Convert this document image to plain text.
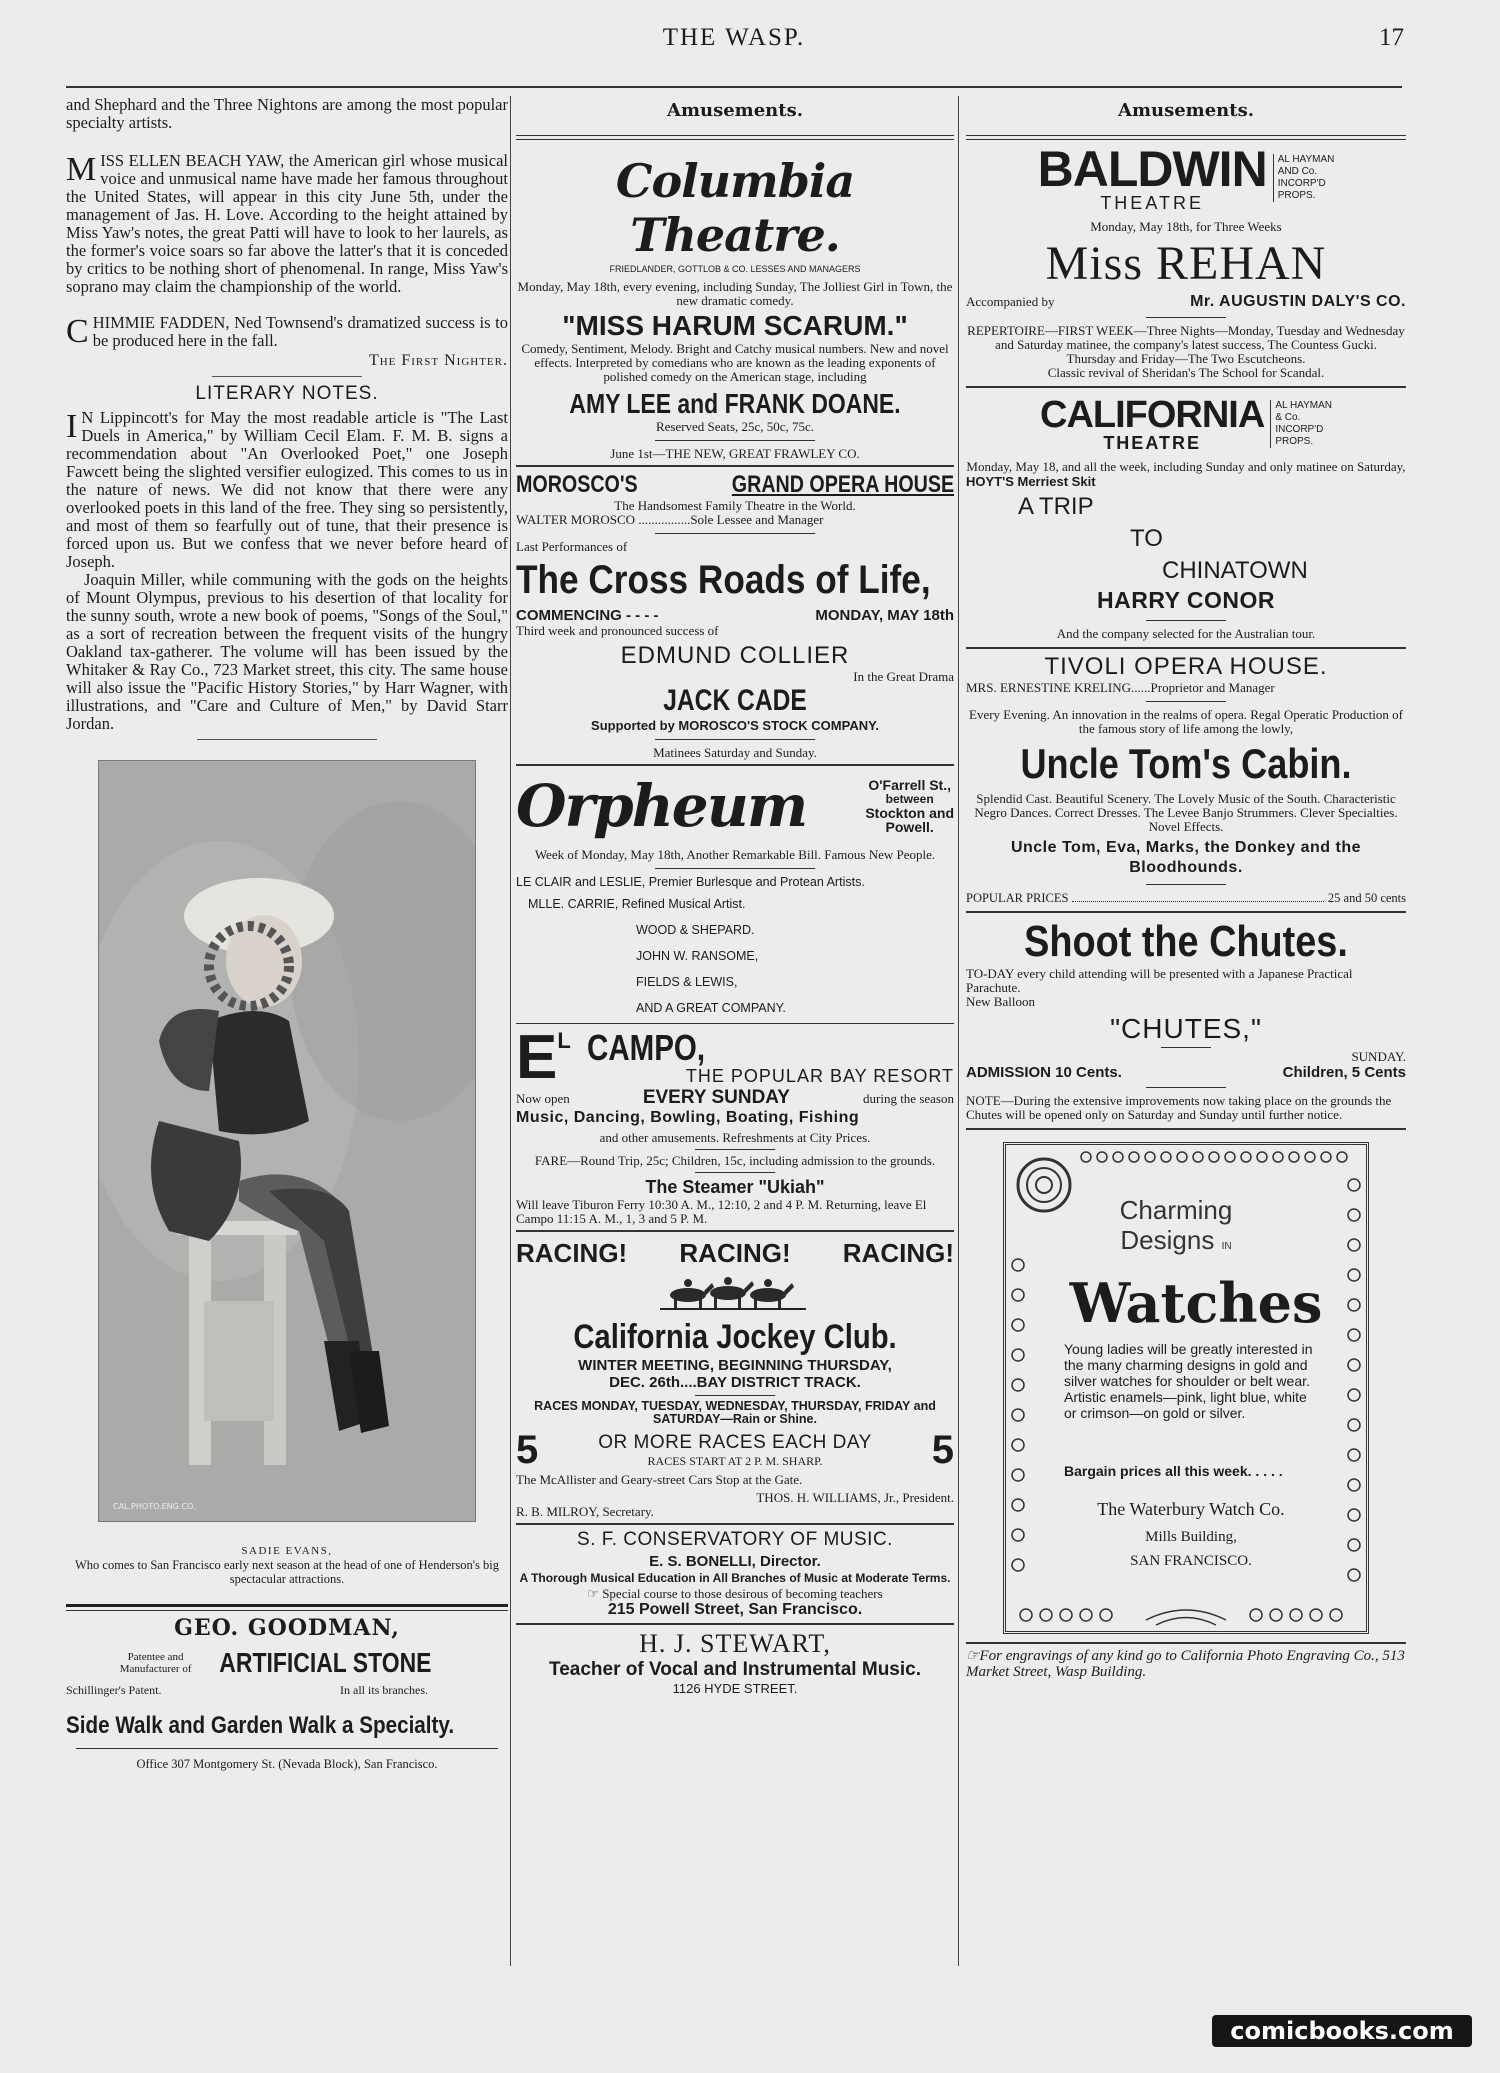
THE WASP.	17

and Shephard and the Three Nightons are among the most popular specialty artists.

MISS ELLEN BEACH YAW, the American girl whose musical voice and unmusical name have made her famous throughout the United States, will appear in this city June 5th, under the management of Jas. H. Love. According to the height attained by Miss Yaw's notes, the great Patti will have to look to her laurels, as the former's voice soars so far above the latter's that it is conceded by critics to be nothing short of phenomenal. In range, Miss Yaw's soprano may claim the championship of the world.

CHIMMIE FADDEN, Ned Townsend's dramatized success is to be produced here in the fall.

The First Nighter.
LITERARY NOTES.

I N Lippincott's for May the most readable article is "The Last Duels in America," by William Cecil Elam. F. M. B. signs a recommendation about "An Overlooked Poet," one Joseph Fawcett being the slighted versifier eulogized. This comes to us in the nature of news. We did not know that there were any overlooked poets in this land of the free. They sing so persistently, and most of them so fearfully out of tune, that their presence is forced upon us. But we confess that we never before heard of Joseph.

Joaquin Miller, while communing with the gods on the heights of Mount Olympus, previous to his desertion of that locality for the sunny south, wrote a new book of poems, "Songs of the Soul," as a sort of recreation between the frequent visits of the hungry Oakland tax-gatherer. The volume will has been issued by the Whitaker & Ray Co., 723 Market street, this city. The same house will also issue the "Pacific History Stories," by Harr Wagner, with illustrations, and "Care and Culture of Men," by David Starr Jordan.

CAL.PHOTO.ENG.CO.
SADIE EVANS,
Who comes to San Francisco early next season at the head of one of Henderson's big spectacular attractions.
GEO. GOODMAN,
Patentee and
Manufacturer of ARTIFICIAL STONE
Schillinger's Patent.	In all its branches.
Side Walk and Garden Walk a Specialty.
Office 307 Montgomery St. (Nevada Block), San Francisco.
Amusements.
Columbia Theatre.
FRIEDLANDER, GOTTLOB & CO. LESSES AND MANAGERS
Monday, May 18th, every evening, including Sunday, The Jolliest Girl in Town, the new dramatic comedy.
"MISS HARUM SCARUM."
Comedy, Sentiment, Melody. Bright and Catchy musical numbers. New and novel effects. Interpreted by comedians who are known as the leading exponents of polished comedy on the American stage, including
AMY LEE and FRANK DOANE.
Reserved Seats, 25c, 50c, 75c.
June 1st—THE NEW, GREAT FRAWLEY CO.
MOROSCO'S	GRAND OPERA HOUSE
The Handsomest Family Theatre in the World.
WALTER MOROSCO ................Sole Lessee and Manager
Last Performances of
The Cross Roads of Life,
COMMENCING - - - -	MONDAY, MAY 18th
Third week and pronounced success of
EDMUND COLLIER
In the Great Drama
JACK CADE
Supported by MOROSCO'S STOCK COMPANY.
Matinees Saturday and Sunday.
Orpheum	O'Farrell St.,
between
Stockton and
Powell.
Week of Monday, May 18th, Another Remarkable Bill. Famous New People.
LE CLAIR and LESLIE, Premier Burlesque and Protean Artists.
MLLE. CARRIE, Refined Musical Artist.
WOOD & SHEPARD.
JOHN W. RANSOME,
FIELDS & LEWIS,
AND A GREAT COMPANY.
E L CAMPO,
THE POPULAR BAY RESORT
Now open	EVERY SUNDAY	during the season
Music, Dancing, Bowling, Boating, Fishing
and other amusements. Refreshments at City Prices.
FARE—Round Trip, 25c; Children, 15c, including admission to the grounds.
The Steamer "Ukiah"
Will leave Tiburon Ferry 10:30 A. M., 12:10, 2 and 4 P. M. Returning, leave El Campo 11:15 A. M., 1, 3 and 5 P. M.
RACING! RACING! RACING!
California Jockey Club.
WINTER MEETING, BEGINNING THURSDAY,
DEC. 26th....BAY DISTRICT TRACK.
RACES MONDAY, TUESDAY, WEDNESDAY, THURSDAY, FRIDAY and SATURDAY—Rain or Shine.
5	OR MORE RACES EACH DAY
RACES START AT 2 P. M. SHARP.	5
The McAllister and Geary-street Cars Stop at the Gate.
THOS. H. WILLIAMS, Jr., President.
R. B. MILROY, Secretary.
S. F. CONSERVATORY OF MUSIC.
E. S. BONELLI, Director.
A Thorough Musical Education in All Branches of Music at Moderate Terms.
☞ Special course to those desirous of becoming teachers
215 Powell Street, San Francisco.
H. J. STEWART,
Teacher of Vocal and Instrumental Music.
1126 HYDE STREET.
Amusements.
BALDWIN
THEATRE
AL HAYMAN
AND Co.
INCORP'D
PROPS.
Monday, May 18th, for Three Weeks
Miss REHAN
Accompanied by	Mr. AUGUSTIN DALY'S CO.
REPERTOIRE—FIRST WEEK—Three Nights—Monday, Tuesday and Wednesday and Saturday matinee, the company's latest success, The Countess Gucki.
Thursday and Friday—The Two Escutcheons.
Classic revival of Sheridan's The School for Scandal.
CALIFORNIA
THEATRE
AL HAYMAN
& Co.
INCORP'D
PROPS.
Monday, May 18, and all the week, including Sunday and only matinee on Saturday,
HOYT'S Merriest Skit
A TRIP
TO
CHINATOWN
HARRY CONOR
And the company selected for the Australian tour.
TIVOLI OPERA HOUSE.
MRS. ERNESTINE KRELING......Proprietor and Manager
Every Evening. An innovation in the realms of opera. Regal Operatic Production of the famous story of life among the lowly,
Uncle Tom's Cabin.
Splendid Cast. Beautiful Scenery. The Lovely Music of the South. Characteristic Negro Dances. Correct Dresses. The Levee Banjo Strummers. Clever Specialties. Novel Effects.
Uncle Tom, Eva, Marks, the Donkey and the Bloodhounds.
POPULAR PRICES	25 and 50 cents
Shoot the Chutes.
TO-DAY every child attending will be presented with a Japanese Practical Parachute.
New Balloon
"CHUTES,"
SUNDAY.
ADMISSION 10 Cents.	Children, 5 Cents
NOTE—During the extensive improvements now taking place on the grounds the Chutes will be opened only on Saturday and Sunday until further notice.
Charming
Designs IN
Watches
Young ladies will be greatly interested in the many charming designs in gold and silver watches for shoulder or belt wear. Artistic enamels—pink, light blue, white or crimson—on gold or silver.
Bargain prices all this week. . . . .
The Waterbury Watch Co.
Mills Building,
SAN FRANCISCO.
☞For engravings of any kind go to California Photo Engraving Co., 513 Market Street, Wasp Building.
comicbooks.com
